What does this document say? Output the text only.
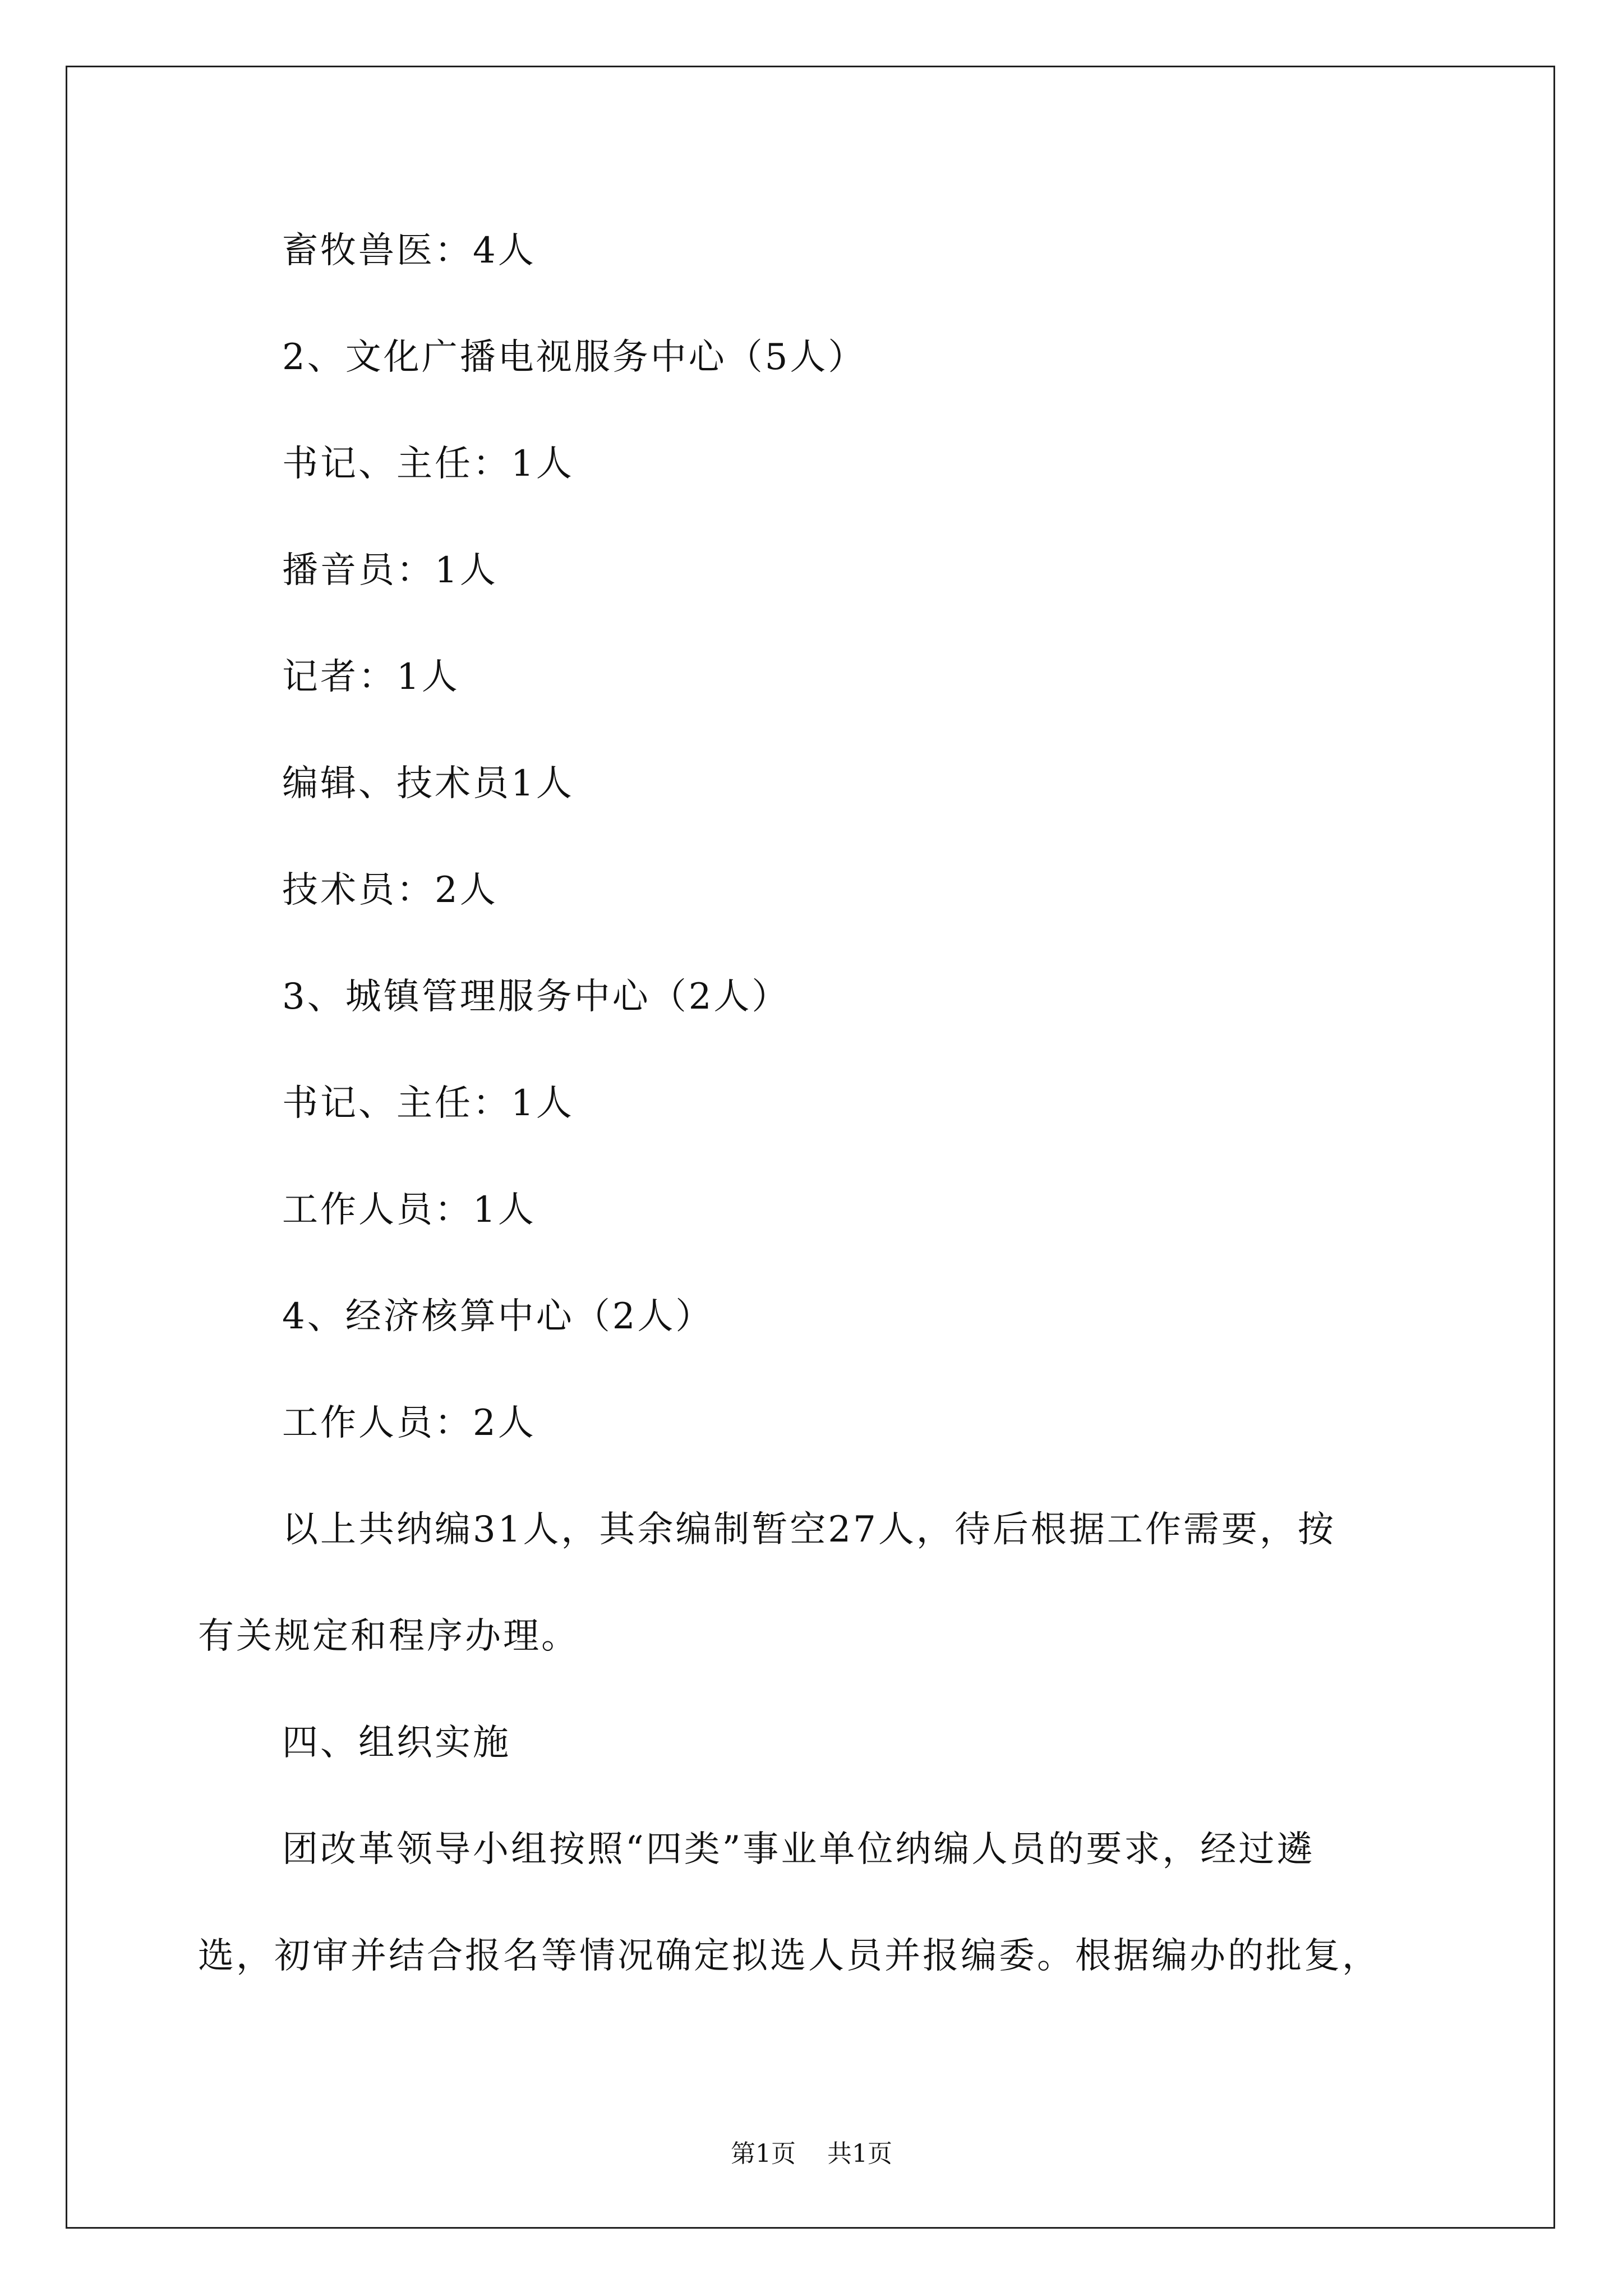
畜牧兽医：4人
2、文化广播电视服务中心（5人）
书记、主任：1人
播音员：1人
记者：1人
编辑、技术员1人
技术员：2人
3、城镇管理服务中心（2人）
书记、主任：1人
工作人员：1人
4、经济核算中心（2人）
工作人员：2人
以上共纳编31人，其余编制暂空27人，待后根据工作需要，按
有关规定和程序办理。
四、组织实施
团改革领导小组按照“四类”事业单位纳编人员的要求，经过遴
选，初审并结合报名等情况确定拟选人员并报编委。根据编办的批复，
第1页 共1页
